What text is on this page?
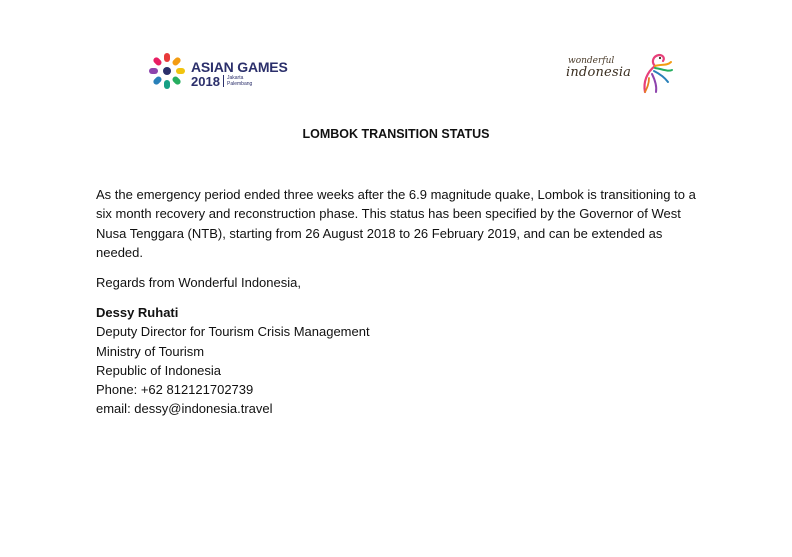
ASIAN GAMES
2018 Jakarta
Palembang
wonderful
indonesia
LOMBOK TRANSITION STATUS

As the emergency period ended three weeks after the 6.9 magnitude quake, Lombok is transitioning to a six month recovery and reconstruction phase. This status has been specified by the Governor of West Nusa Tenggara (NTB), starting from 26 August 2018 to 26 February 2019, and can be extended as needed.

Regards from Wonderful Indonesia,

Dessy Ruhati
Deputy Director for Tourism Crisis Management
Ministry of Tourism
Republic of Indonesia
Phone: +62 812121702739
email: dessy@indonesia.travel
